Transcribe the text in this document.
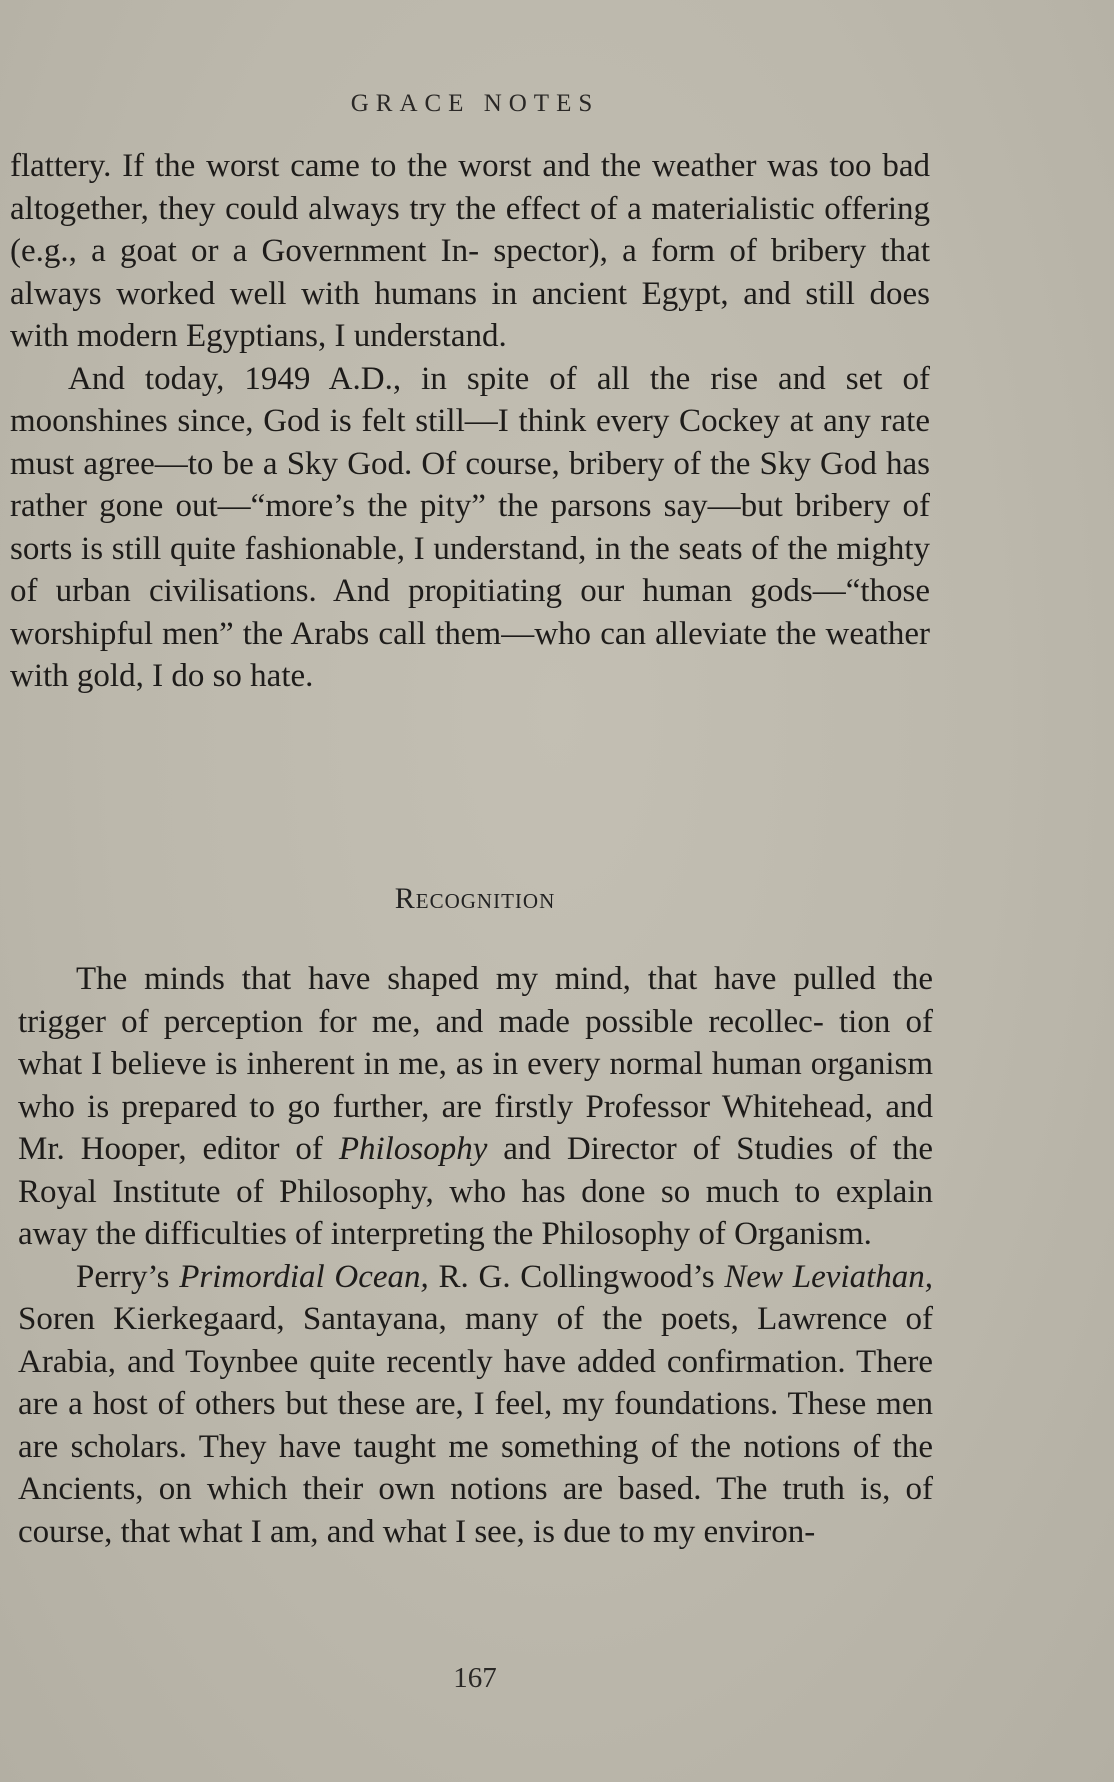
GRACE NOTES

flattery. If the worst came to the worst and the weather was too bad altogether, they could always try the effect of a materialistic offering (e.g., a goat or a Government In- spector), a form of bribery that always worked well with humans in ancient Egypt, and still does with modern Egyptians, I understand.

And today, 1949 A.D., in spite of all the rise and set of moonshines since, God is felt still—I think every Cockey at any rate must agree—to be a Sky God. Of course, bribery of the Sky God has rather gone out—“more’s the pity” the parsons say—but bribery of sorts is still quite fashionable, I understand, in the seats of the mighty of urban civilisations. And propitiating our human gods—“those worshipful men” the Arabs call them—who can alleviate the weather with gold, I do so hate.

Recognition

The minds that have shaped my mind, that have pulled the trigger of perception for me, and made possible recollec- tion of what I believe is inherent in me, as in every normal human organism who is prepared to go further, are firstly Professor Whitehead, and Mr. Hooper, editor of Philosophy and Director of Studies of the Royal Institute of Philosophy, who has done so much to explain away the difficulties of interpreting the Philosophy of Organism.

Perry’s Primordial Ocean, R. G. Collingwood’s New Leviathan, Soren Kierkegaard, Santayana, many of the poets, Lawrence of Arabia, and Toynbee quite recently have added confirmation. There are a host of others but these are, I feel, my foundations. These men are scholars. They have taught me something of the notions of the Ancients, on which their own notions are based. The truth is, of course, that what I am, and what I see, is due to my environ-

167
